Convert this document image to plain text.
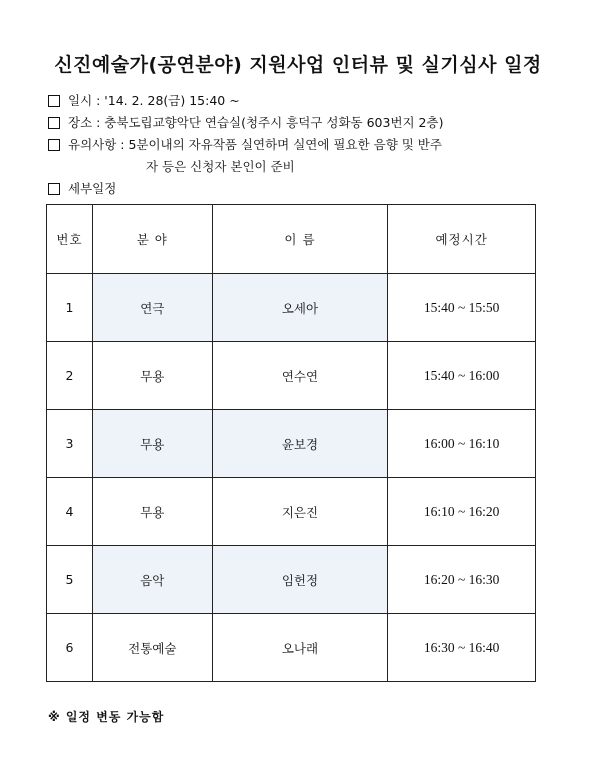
신진예술가(공연분야) 지원사업 인터뷰 및 실기심사 일정
일시 : '14. 2. 28(금) 15:40 ~
장소 : 충북도립교향악단 연습실(청주시 흥덕구 성화동 603번지 2층)
유의사항 : 5분이내의 자유작품 실연하며 실연에 필요한 음향 및 반주
자 등은 신청자 본인이 준비
세부일정
번호	분 야	이 름	예정시간
1	연극	오세아	15:40 ~ 15:50
2	무용	연수연	15:40 ~ 16:00
3	무용	윤보경	16:00 ~ 16:10
4	무용	지은진	16:10 ~ 16:20
5	음악	임헌정	16:20 ~ 16:30
6	전통예술	오나래	16:30 ~ 16:40
※ 일정 변동 가능함
